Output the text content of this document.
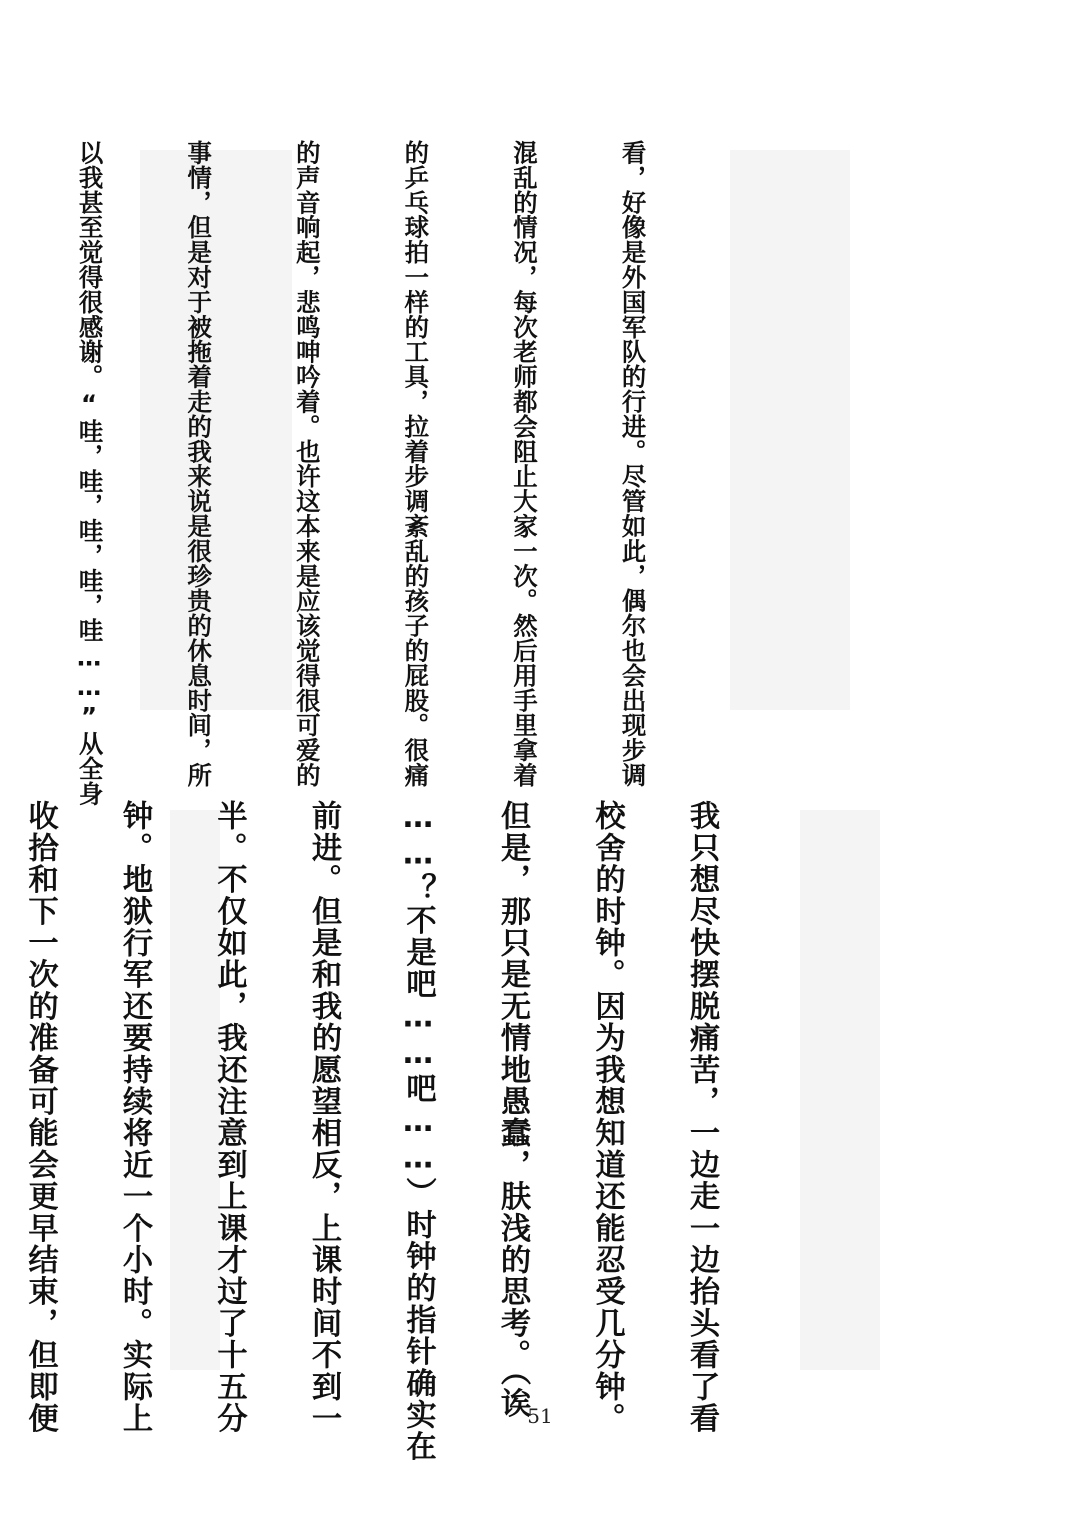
看，好像是外国军队的行进。尽管如此，偶尔也会出现步调

混乱的情况，每次老师都会阻止大家一次。然后用手里拿着

的乒乓球拍一样的工具，拉着步调紊乱的孩子的屁股。很痛

的声音响起，悲鸣呻吟着。也许这本来是应该觉得很可爱的

事情，但是对于被拖着走的我来说是很珍贵的休息时间，所

以我甚至觉得很感谢。“哇，哇，哇，哇，哇……”从全身

我只想尽快摆脱痛苦，一边走一边抬头看了看

校舍的时钟。因为我想知道还能忍受几分钟。

但是，那只是无情地愚蠢，肤浅的思考。（诶

……？不是吧……吧……）时钟的指针确实在

前进。但是和我的愿望相反，上课时间不到一

半。不仅如此，我还注意到上课才过了十五分

钟。地狱行军还要持续将近一个小时。实际上

收拾和下一次的准备可能会更早结束，但即便

	51
